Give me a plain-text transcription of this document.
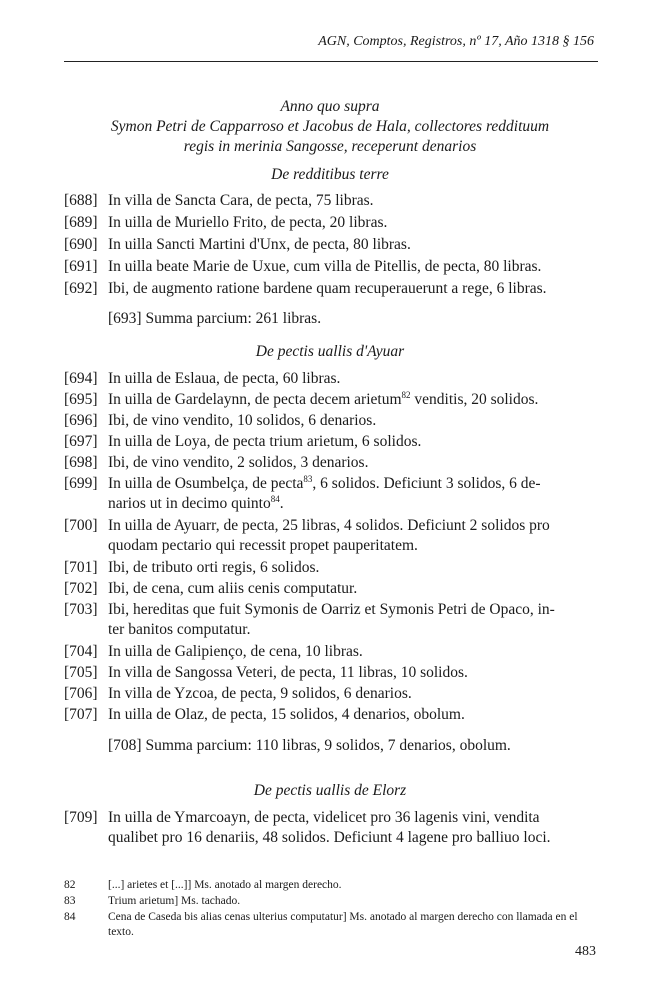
AGN, Comptos, Registros, nº 17, Año 1318 § 156
Anno quo supra
Symon Petri de Capparroso et Jacobus de Hala, collectores reddituum
regis in merinia Sangosse, receperunt denarios
De redditibus terre
[688] In villa de Sancta Cara, de pecta, 75 libras.
[689] In uilla de Muriello Frito, de pecta, 20 libras.
[690] In uilla Sancti Martini d'Unx, de pecta, 80 libras.
[691] In uilla beate Marie de Uxue, cum villa de Pitellis, de pecta, 80 libras.
[692] Ibi, de augmento ratione bardene quam recuperauerunt a rege, 6 libras.
[693] Summa parcium: 261 libras.
De pectis uallis d'Ayuar
[694] In uilla de Eslaua, de pecta, 60 libras.
[695] In uilla de Gardelaynn, de pecta decem arietum$^{82}$ venditis, 20 solidos.
[696] Ibi, de vino vendito, 10 solidos, 6 denarios.
[697] In uilla de Loya, de pecta trium arietum, 6 solidos.
[698] Ibi, de vino vendito, 2 solidos, 3 denarios.
[699] In uilla de Osumbelça, de pecta$^{83}$, 6 solidos. Deficiunt 3 solidos, 6 de-
narios ut in decimo quinto$^{84}$.
[700] In uilla de Ayuarr, de pecta, 25 libras, 4 solidos. Deficiunt 2 solidos pro
quodam pectario qui recessit propet pauperitatem.
[701] Ibi, de tributo orti regis, 6 solidos.
[702] Ibi, de cena, cum aliis cenis computatur.
[703] Ibi, hereditas que fuit Symonis de Oarriz et Symonis Petri de Opaco, in-
ter banitos computatur.
[704] In uilla de Galipienço, de cena, 10 libras.
[705] In villa de Sangossa Veteri, de pecta, 11 libras, 10 solidos.
[706] In villa de Yzcoa, de pecta, 9 solidos, 6 denarios.
[707] In uilla de Olaz, de pecta, 15 solidos, 4 denarios, obolum.
[708] Summa parcium: 110 libras, 9 solidos, 7 denarios, obolum.
De pectis uallis de Elorz
[709] In uilla de Ymarcoayn, de pecta, videlicet pro 36 lagenis vini, vendita
qualibet pro 16 denariis, 48 solidos. Deficiunt 4 lagene pro balliuo loci.
82	[...] arietes et [...]] Ms. anotado al margen derecho.
83	Trium arietum] Ms. tachado.
84	Cena de Caseda bis alias cenas ulterius computatur] Ms. anotado al margen derecho con llamada en el texto.
483
